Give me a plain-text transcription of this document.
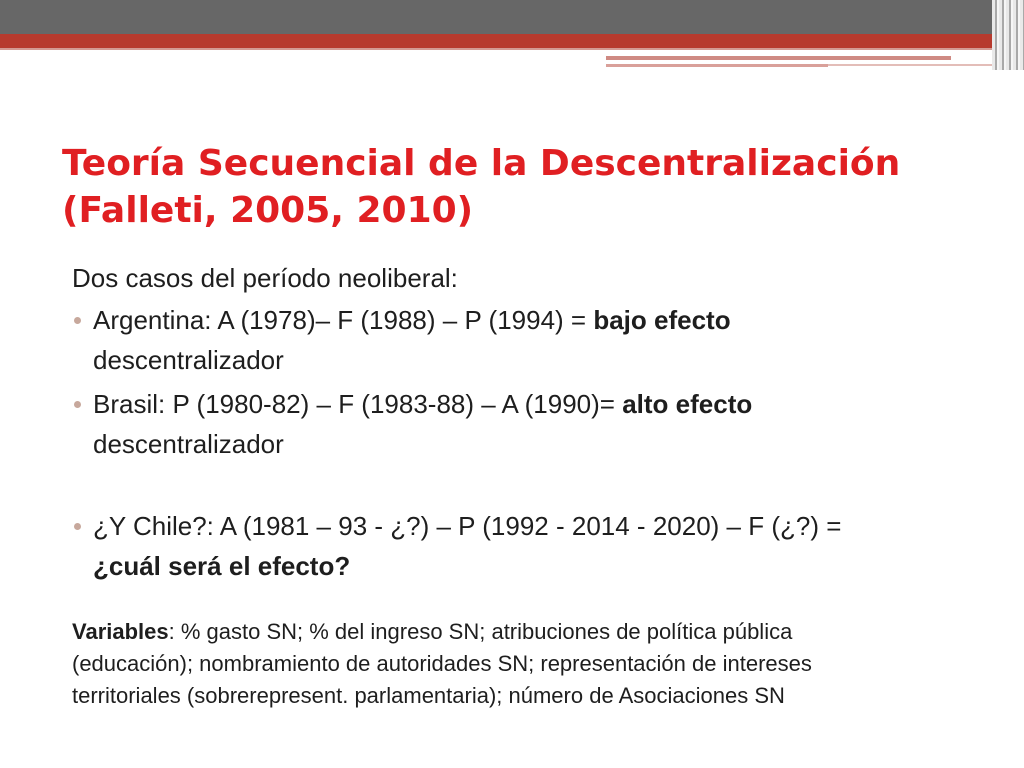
Teoría Secuencial de la Descentralización
(Falleti, 2005, 2010)

Dos casos del período neoliberal:

Argentina: A (1978)– F (1988) – P (1994) = bajo efecto
descentralizador
Brasil: P (1980-82) – F (1983-88) – A (1990)= alto efecto
descentralizador
¿Y Chile?: A (1981 – 93 - ¿?) – P (1992 - 2014 - 2020) – F (¿?) =
¿cuál será el efecto?

Variables: % gasto SN; % del ingreso SN; atribuciones de política pública
(educación); nombramiento de autoridades SN; representación de intereses
territoriales (sobrerepresent. parlamentaria); número de Asociaciones SN
